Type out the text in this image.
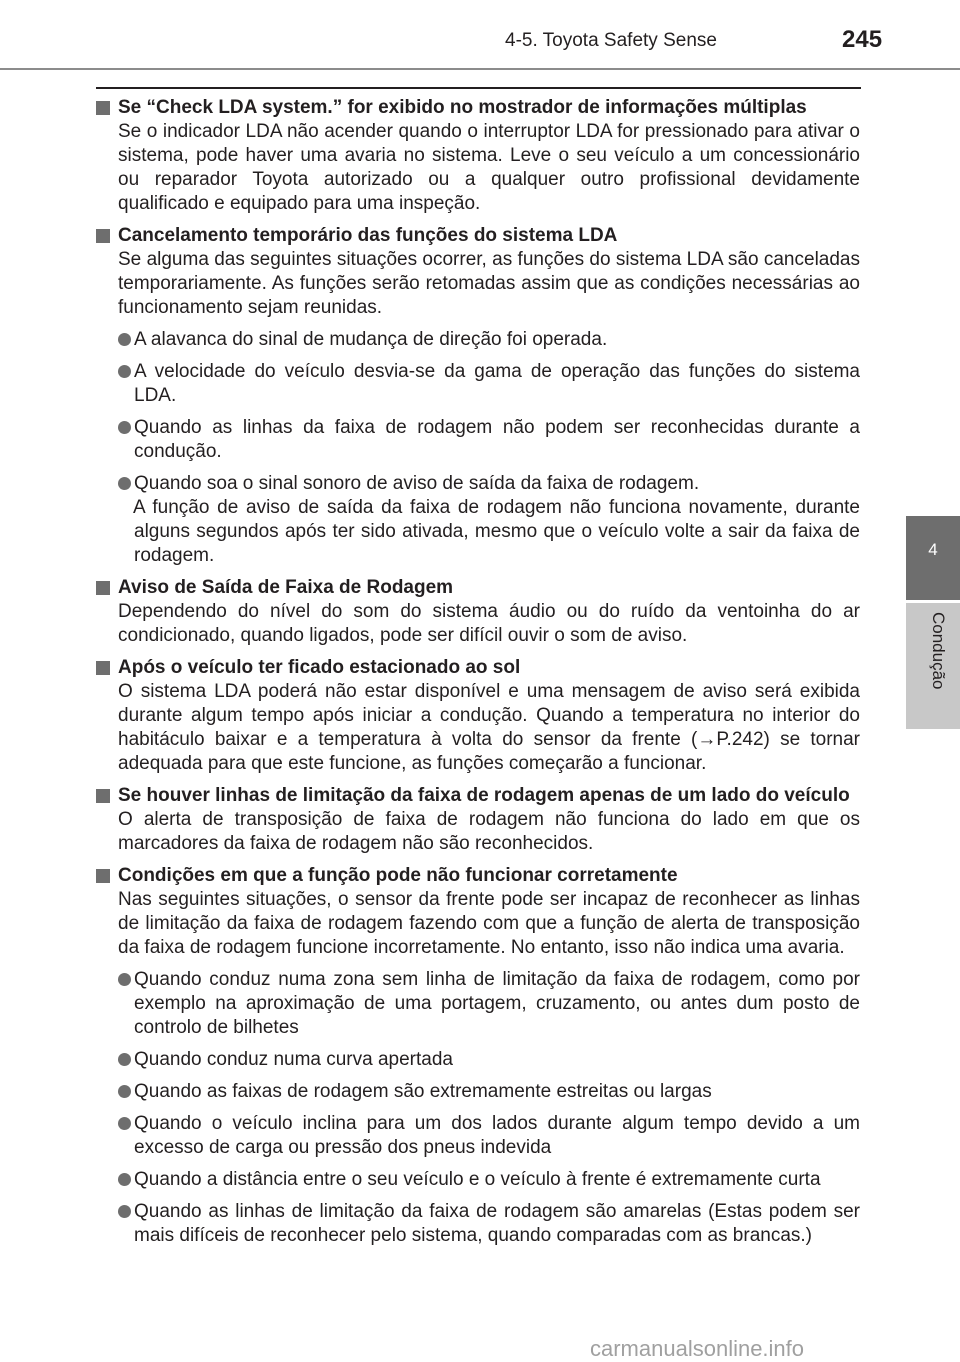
4-5. Toyota Safety Sense	245
4
Condução

Se “Check LDA system.” for exibido no mostrador de informações múltiplas

Se o indicador LDA não acender quando o interruptor LDA for pressionado para ativar o sistema, pode haver uma avaria no sistema. Leve o seu veículo a um concessionário ou reparador Toyota autorizado ou a qualquer outro profissional devidamente qualificado e equipado para uma inspeção.

Cancelamento temporário das funções do sistema LDA

Se alguma das seguintes situações ocorrer, as funções do sistema LDA são canceladas temporariamente. As funções serão retomadas assim que as condições necessárias ao funcionamento sejam reunidas.

A alavanca do sinal de mudança de direção foi operada.
A velocidade do veículo desvia-se da gama de operação das funções do sistema LDA.
Quando as linhas da faixa de rodagem não podem ser reconhecidas durante a condução.
Quando soa o sinal sonoro de aviso de saída da faixa de rodagem.

A função de aviso de saída da faixa de rodagem não funciona novamente, durante alguns segundos após ter sido ativada, mesmo que o veículo volte a sair da faixa de rodagem.

Aviso de Saída de Faixa de Rodagem

Dependendo do nível do som do sistema áudio ou do ruído da ventoinha do ar condicionado, quando ligados, pode ser difícil ouvir o som de aviso.

Após o veículo ter ficado estacionado ao sol

O sistema LDA poderá não estar disponível e uma mensagem de aviso será exibida durante algum tempo após iniciar a condução. Quando a temperatura no interior do habitáculo baixar e a temperatura à volta do sensor da frente (→P.242) se tornar adequada para que este funcione, as funções começarão a funcionar.

Se houver linhas de limitação da faixa de rodagem apenas de um lado do veículo

O alerta de transposição de faixa de rodagem não funciona do lado em que os marcadores da faixa de rodagem não são reconhecidos.

Condições em que a função pode não funcionar corretamente

Nas seguintes situações, o sensor da frente pode ser incapaz de reconhecer as linhas de limitação da faixa de rodagem fazendo com que a função de alerta de transposição da faixa de rodagem funcione incorretamente. No entanto, isso não indica uma avaria.

Quando conduz numa zona sem linha de limitação da faixa de rodagem, como por exemplo na aproximação de uma portagem, cruzamento, ou antes dum posto de controlo de bilhetes
Quando conduz numa curva apertada
Quando as faixas de rodagem são extremamente estreitas ou largas
Quando o veículo inclina para um dos lados durante algum tempo devido a um excesso de carga ou pressão dos pneus indevida
Quando a distância entre o seu veículo e o veículo à frente é extremamente curta
Quando as linhas de limitação da faixa de rodagem são amarelas (Estas podem ser mais difíceis de reconhecer pelo sistema, quando comparadas com as brancas.)
carmanualsonline.info
